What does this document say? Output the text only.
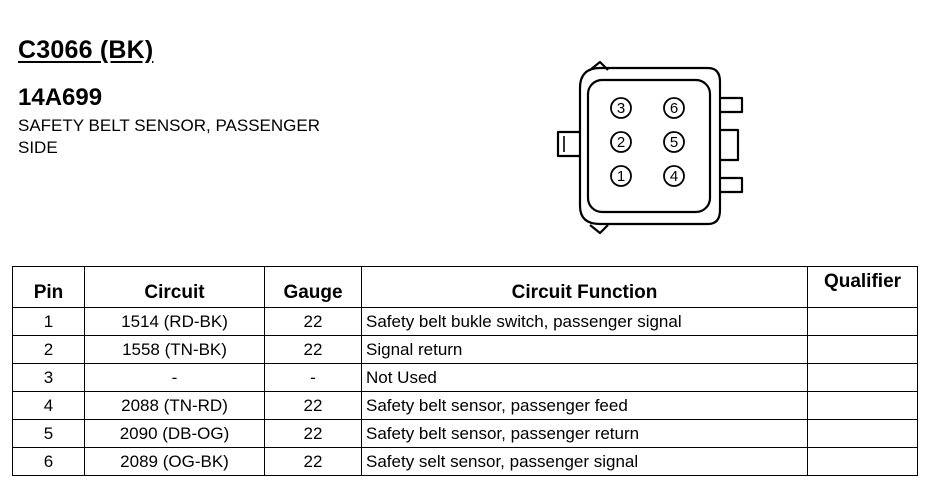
C3066 (BK)
14A699
SAFETY BELT SENSOR, PASSENGER
SIDE
3	6
2	5
1	4
Pin	Circuit	Gauge	Circuit Function	Qualifier
1	1514 (RD-BK)	22	Safety belt bukle switch, passenger signal	
2	1558 (TN-BK)	22	Signal return	
3	-	-	Not Used	
4	2088 (TN-RD)	22	Safety belt sensor, passenger feed	
5	2090 (DB-OG)	22	Safety belt sensor, passenger return	
6	2089 (OG-BK)	22	Safety selt sensor, passenger signal	
